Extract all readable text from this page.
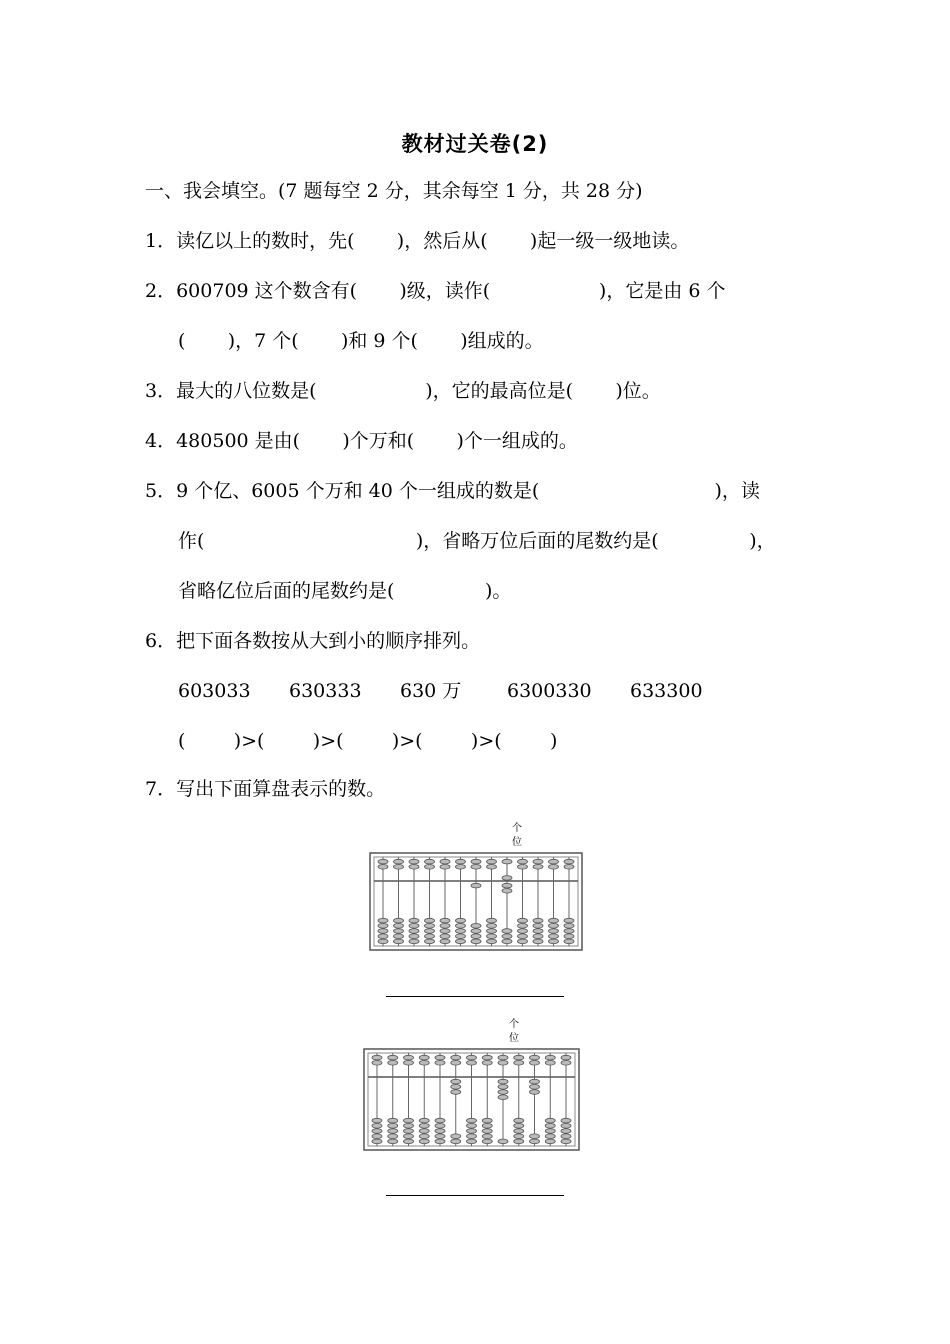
教材过关卷(2)
一、我会填空。(7 题每空 2 分，其余每空 1 分，共 28 分)
1．读亿以上的数时，先( )，然后从( )起一级一级地读。
2．600709 这个数含有( )级，读作(	)，它是由 6 个
( )，7 个( )和 9 个( )组成的。
3．最大的八位数是(	)，它的最高位是( )位。
4．480500 是由( )个万和( )个一组成的。
5．9 个亿、6005 个万和 40 个一组成的数是(	)，读
作(	)，省略万位后面的尾数约是(	)，
省略亿位后面的尾数约是(	)。
6．把下面各数按从大到小的顺序排列。
603033 630333 630 万 6300330 633300
(        )>(        )>(        )>(        )>(        )
7．写出下面算盘表示的数。
个
位
个
位
